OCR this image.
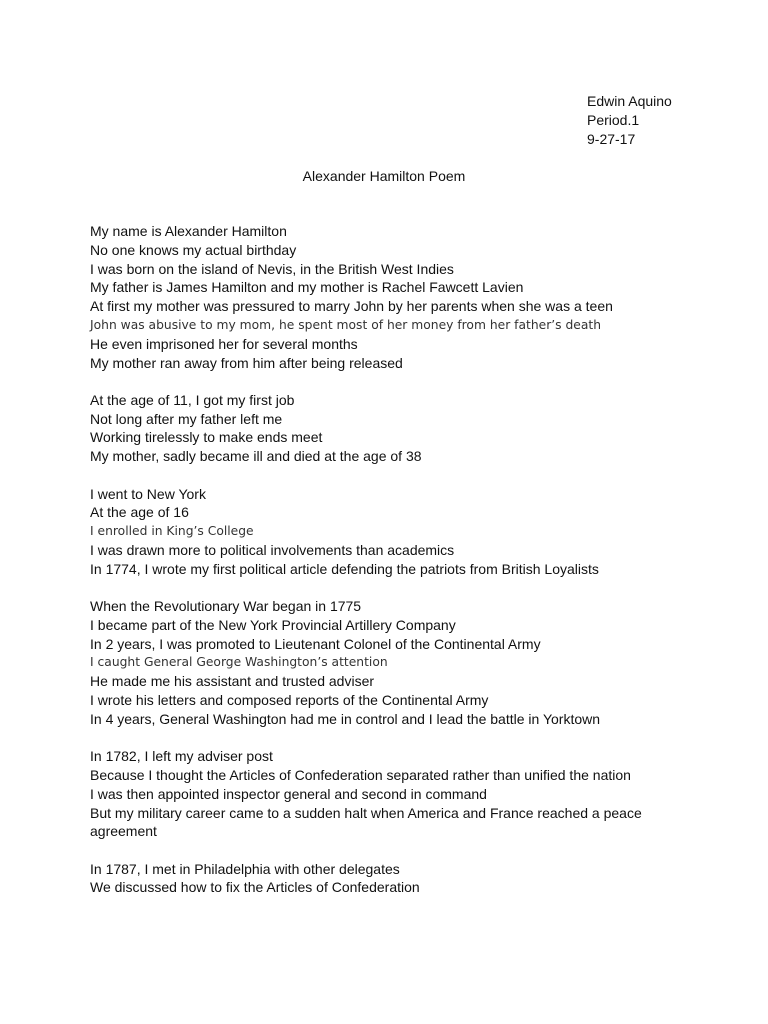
Edwin Aquino
Period.1
9-27-17
Alexander Hamilton Poem
My name is Alexander Hamilton
No one knows my actual birthday
I was born on the island of Nevis, in the British West Indies
My father is James Hamilton and my mother is Rachel Fawcett Lavien
At first my mother was pressured to marry John by her parents when she was a teen
John was abusive to my mom, he spent most of her money from her father’s death
He even imprisoned her for several months
My mother ran away from him after being released
At the age of 11, I got my first job
Not long after my father left me
Working tirelessly to make ends meet
My mother, sadly became ill and died at the age of 38
I went to New York
At the age of 16
I enrolled in King’s College
I was drawn more to political involvements than academics
In 1774, I wrote my first political article defending the patriots from British Loyalists
When the Revolutionary War began in 1775
I became part of the New York Provincial Artillery Company
In 2 years, I was promoted to Lieutenant Colonel of the Continental Army
I caught General George Washington’s attention
He made me his assistant and trusted adviser
I wrote his letters and composed reports of the Continental Army
In 4 years, General Washington had me in control and I lead the battle in Yorktown
In 1782, I left my adviser post
Because I thought the Articles of Confederation separated rather than unified the nation
I was then appointed inspector general and second in command
But my military career came to a sudden halt when America and France reached a peace agreement
In 1787, I met in Philadelphia with other delegates
We discussed how to fix the Articles of Confederation
